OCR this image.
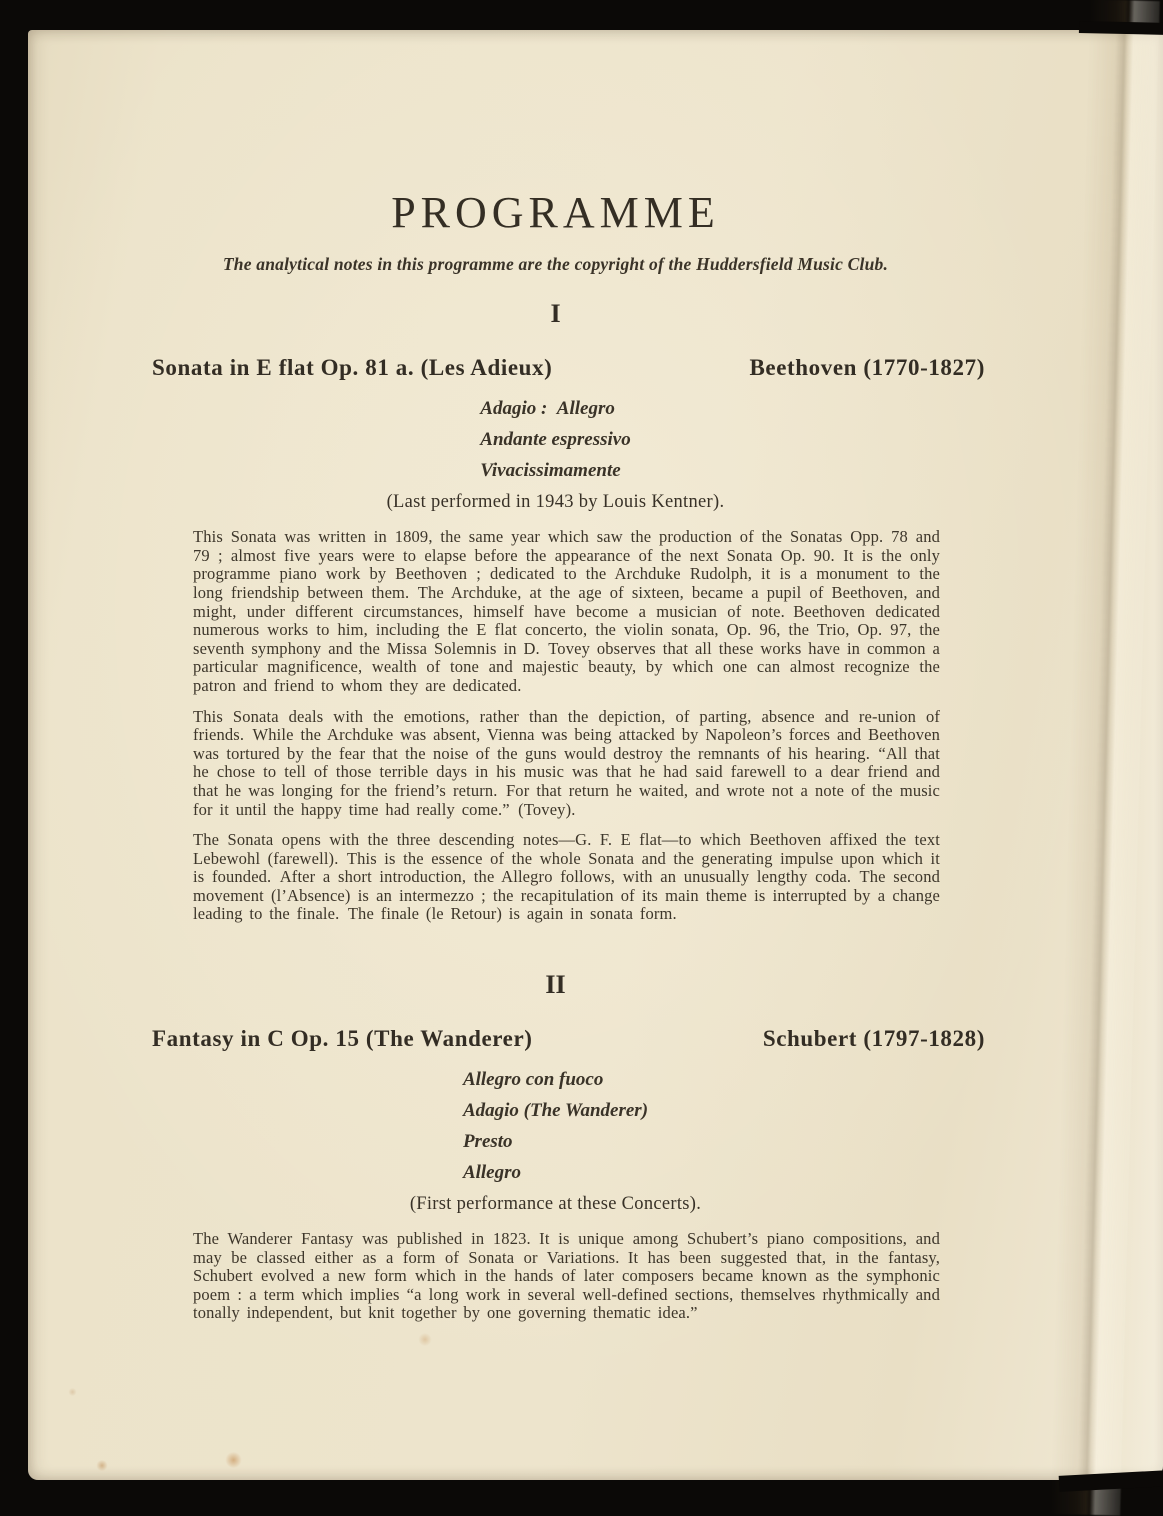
PROGRAMME

The analytical notes in this programme are the copyright of the Huddersfield Music Club.

I
Sonata in E flat Op. 81 a. (Les Adieux)	Beethoven (1770-1827)
Adagio : Allegro
Andante espressivo
Vivacissimamente

(Last performed in 1943 by Louis Kentner).

This Sonata was written in 1809, the same year which saw the production of the Sonatas Opp. 78 and 79 ; almost five years were to elapse before the appearance of the next Sonata Op. 90. It is the only programme piano work by Beethoven ; dedicated to the Archduke Rudolph, it is a monument to the long friendship between them. The Archduke, at the age of sixteen, became a pupil of Beethoven, and might, under different circumstances, himself have become a musician of note. Beethoven dedicated numerous works to him, including the E flat concerto, the violin sonata, Op. 96, the Trio, Op. 97, the seventh symphony and the Missa Solemnis in D. Tovey observes that all these works have in common a particular magnificence, wealth of tone and majestic beauty, by which one can almost recognize the patron and friend to whom they are dedicated.

This Sonata deals with the emotions, rather than the depiction, of parting, absence and re-union of friends. While the Archduke was absent, Vienna was being attacked by Napoleon’s forces and Beethoven was tortured by the fear that the noise of the guns would destroy the remnants of his hearing. “All that he chose to tell of those terrible days in his music was that he had said farewell to a dear friend and that he was longing for the friend’s return. For that return he waited, and wrote not a note of the music for it until the happy time had really come.” (Tovey).

The Sonata opens with the three descending notes—G. F. E flat—to which Beethoven affixed the text Lebewohl (farewell). This is the essence of the whole Sonata and the generating impulse upon which it is founded. After a short introduction, the Allegro follows, with an unusually lengthy coda. The second movement (l’Absence) is an intermezzo ; the recapitulation of its main theme is interrupted by a change leading to the finale. The finale (le Retour) is again in sonata form.

II
Fantasy in C Op. 15 (The Wanderer)	Schubert (1797-1828)
Allegro con fuoco
Adagio (The Wanderer)
Presto
Allegro

(First performance at these Concerts).

The Wanderer Fantasy was published in 1823. It is unique among Schubert’s piano compositions, and may be classed either as a form of Sonata or Variations. It has been suggested that, in the fantasy, Schubert evolved a new form which in the hands of later composers became known as the symphonic poem : a term which implies “a long work in several well-defined sections, themselves rhythmically and tonally independent, but knit together by one governing thematic idea.”
